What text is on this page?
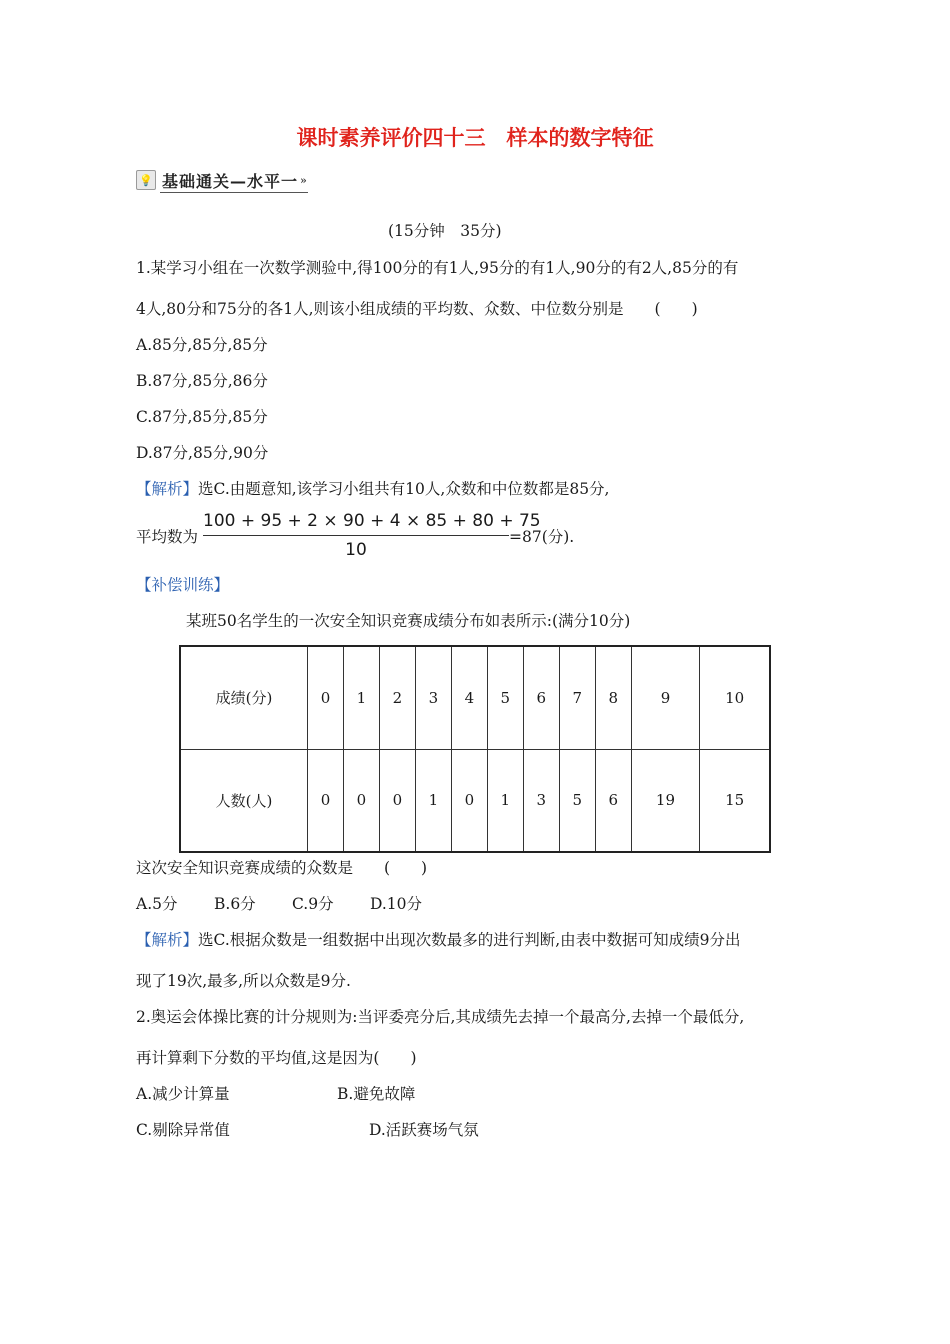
课时素养评价四十三　样本的数字特征
💡 基础通关—水平一 »
(15分钟　35分)
1.某学习小组在一次数学测验中,得100分的有1人,95分的有1人,90分的有2人,85分的有
4人,80分和75分的各1人,则该小组成绩的平均数、众数、中位数分别是　　(　　)
A.85分,85分,85分
B.87分,85分,86分
C.87分,85分,85分
D.87分,85分,90分
【解析】选C.由题意知,该学习小组共有10人,众数和中位数都是85分,
平均数为
100 + 95 + 2 × 90 + 4 × 85 + 80 + 75
10
=87(分).
【补偿训练】
某班50名学生的一次安全知识竞赛成绩分布如表所示:(满分10分)
成绩(分)	0	1	2	3	4	5	6	7	8	9	10
人数(人)	0	0	0	1	0	1	3	5	6	19	15
这次安全知识竞赛成绩的众数是　　(　　)
A.5分 B.6分 C.9分 D.10分
【解析】选C.根据众数是一组数据中出现次数最多的进行判断,由表中数据可知成绩9分出
现了19次,最多,所以众数是9分.
2.奥运会体操比赛的计分规则为:当评委亮分后,其成绩先去掉一个最高分,去掉一个最低分,
再计算剩下分数的平均值,这是因为(　　)
A.减少计算量	B.避免故障
C.剔除异常值	D.活跃赛场气氛
